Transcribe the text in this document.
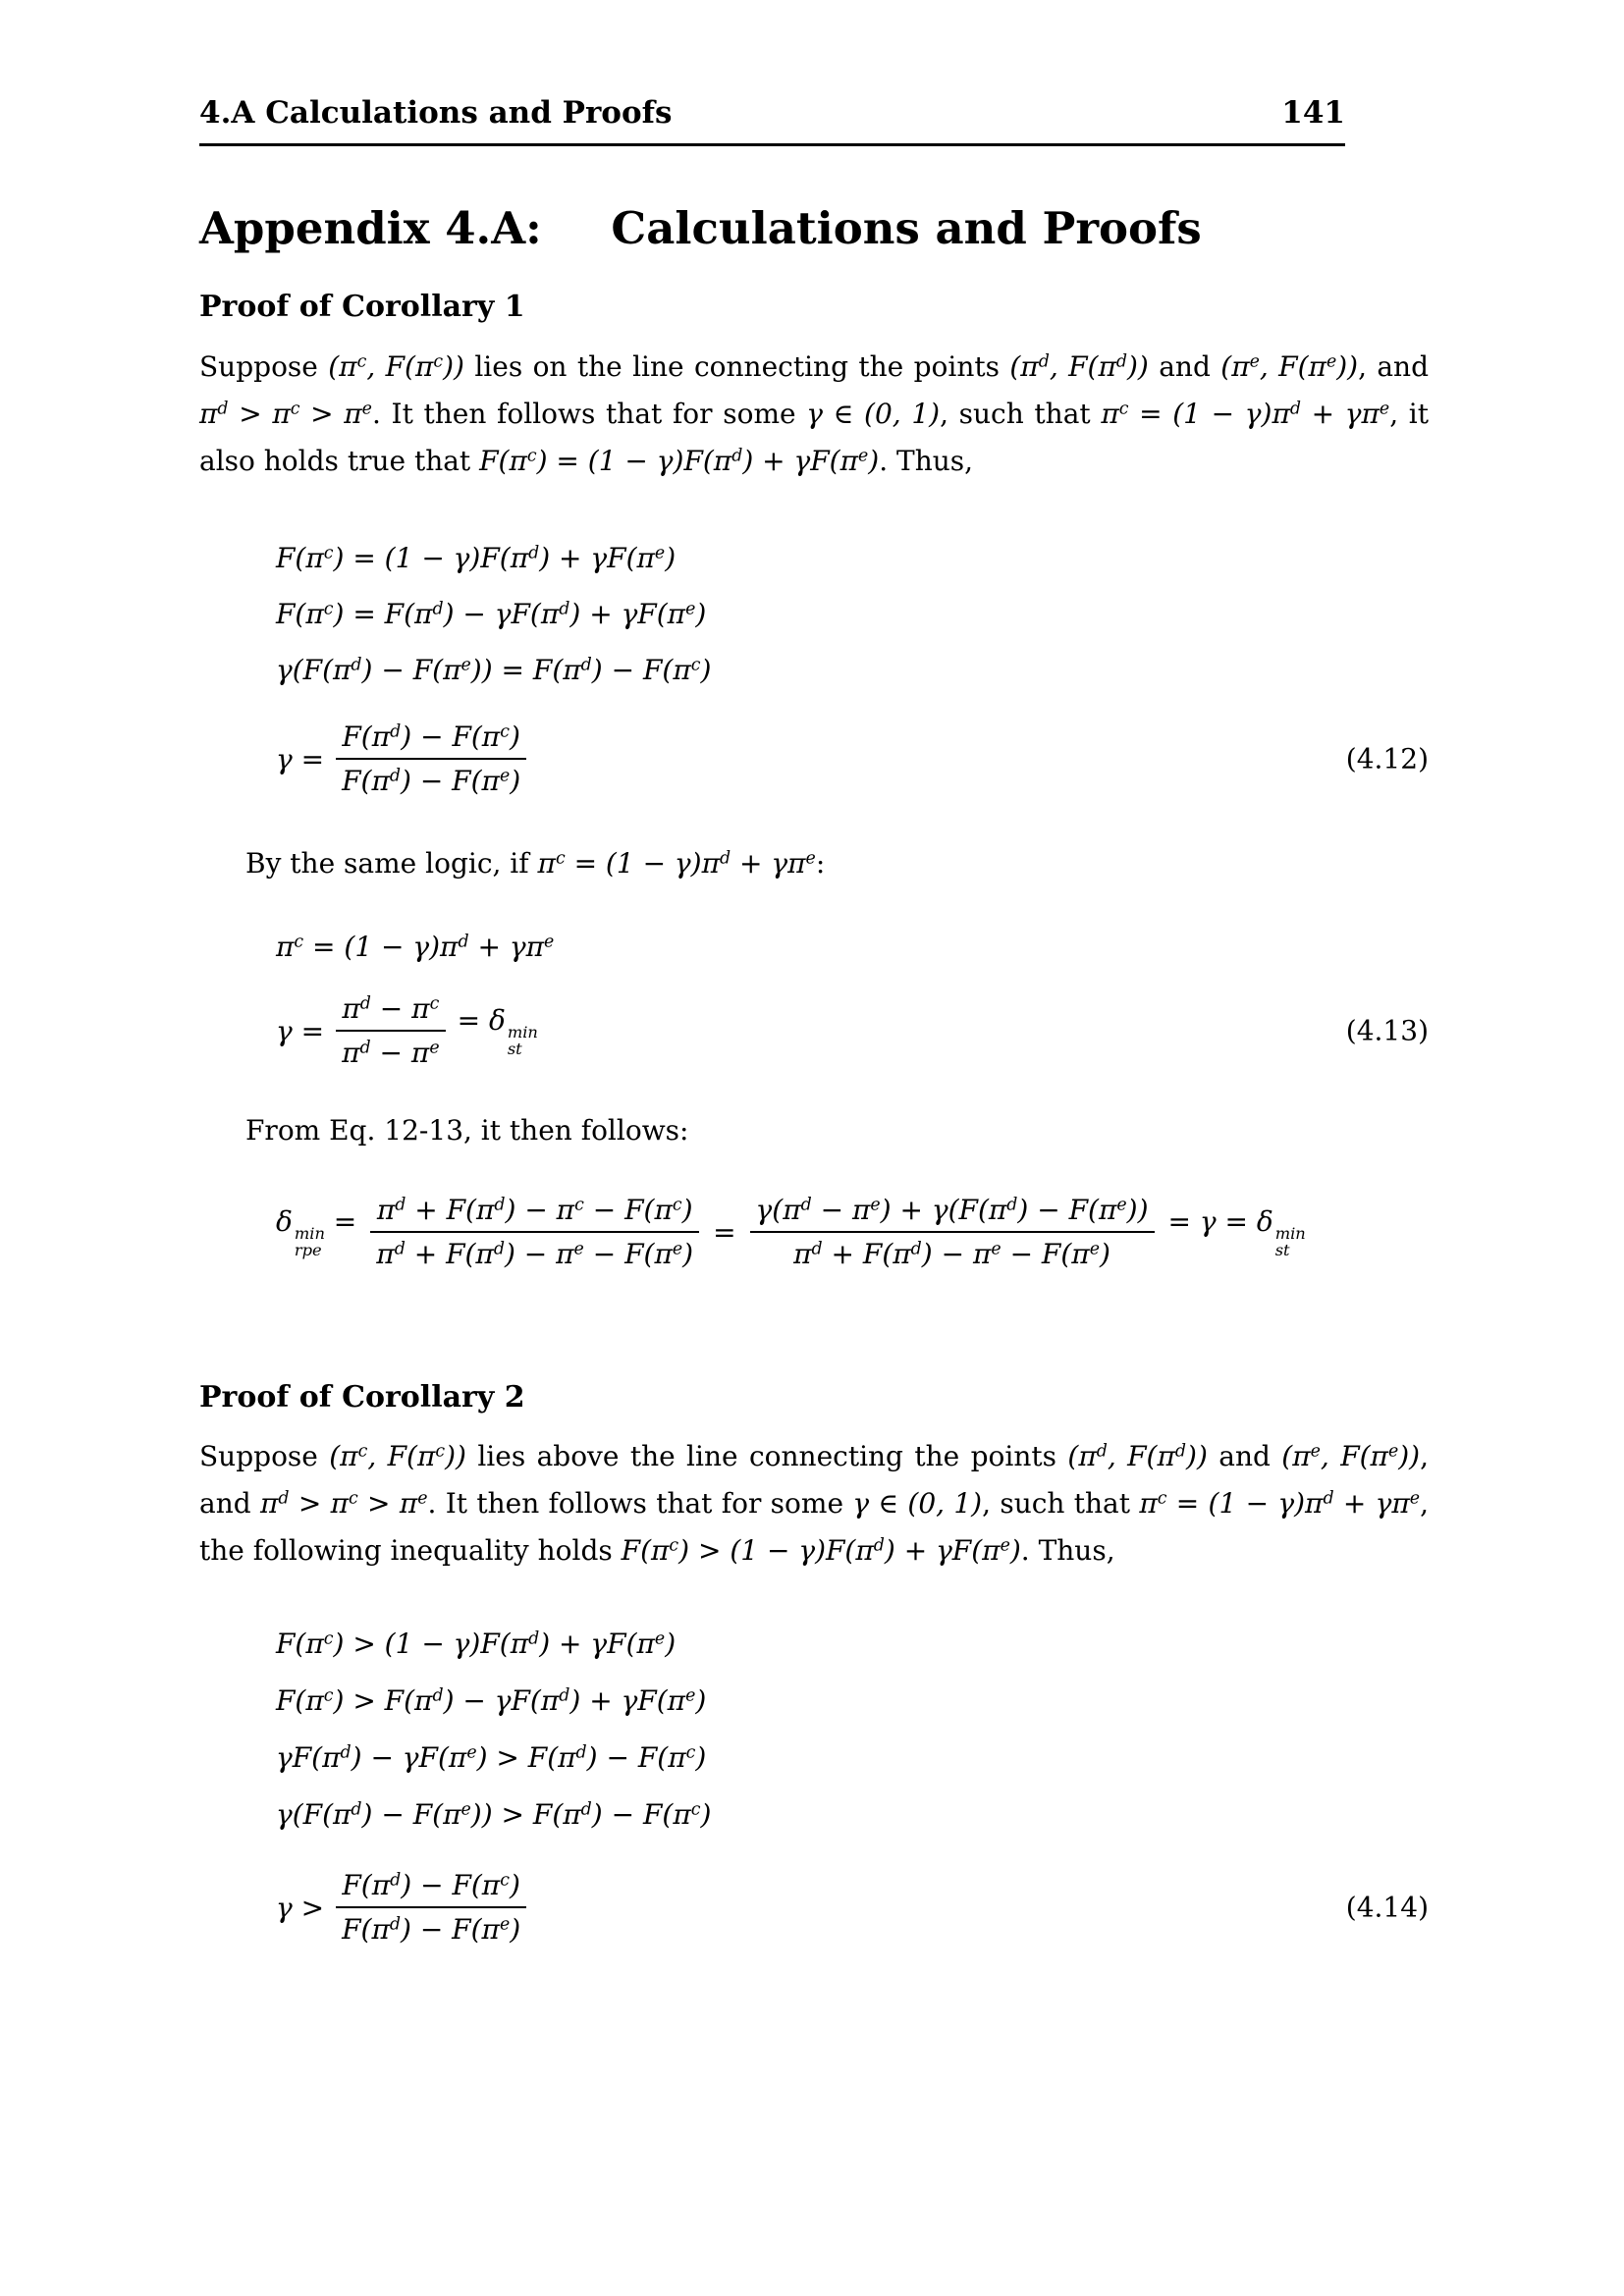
4.A Calculations and Proofs	141
Appendix 4.A: Calculations and Proofs
Proof of Corollary 1

Suppose ($\pi^c$, $F(\pi^c)$) lies on the line connecting the points ($\pi^d$, $F(\pi^d)$) and ($\pi^e$, $F(\pi^e)$), and $\pi^d > \pi^c > \pi^e$. It then follows that for some γ ∈ (0, 1), such that $\pi^c = (1 - \gamma)\pi^d + \gamma\pi^e$, it also holds true that $F(\pi^c) = (1 - \gamma)F(\pi^d) + \gamma F(\pi^e)$. Thus,

$F(\pi^c) = (1 - \gamma)F(\pi^d) + \gamma F(\pi^e)$
$F(\pi^c) = F(\pi^d) - \gamma F(\pi^d) + \gamma F(\pi^e)$
$\gamma(F(\pi^d) - F(\pi^e)) = F(\pi^d) - F(\pi^c)$
$\gamma = \frac{F(\pi^d) - F(\pi^c)}{F(\pi^d) - F(\pi^e)}$	(4.12)

By the same logic, if $\pi^c = (1 - \gamma)\pi^d + \gamma\pi^e$:

$\pi^c = (1 - \gamma)\pi^d + \gamma\pi^e$
$\gamma = \frac{\pi^d - \pi^c}{\pi^d - \pi^e} = \delta$ min
st
(4.13)

From Eq. 12-13, it then follows:

δ min
rpe
= $\frac{\pi^d + F(\pi^d) - \pi^c - F(\pi^c)}{\pi^d + F(\pi^d) - \pi^e - F(\pi^e)} = \frac{\gamma(\pi^d - \pi^e) + \gamma(F(\pi^d) - F(\pi^e))}{\pi^d + F(\pi^d) - \pi^e - F(\pi^e)} = \gamma = \delta$ min
st
Proof of Corollary 2

Suppose ($\pi^c$, $F(\pi^c)$) lies above the line connecting the points ($\pi^d$, $F(\pi^d)$) and ($\pi^e$, $F(\pi^e)$), and $\pi^d > \pi^c > \pi^e$. It then follows that for some γ ∈ (0, 1), such that $\pi^c = (1 - \gamma)\pi^d + \gamma\pi^e$, the following inequality holds $F(\pi^c) > (1 - \gamma)F(\pi^d) + \gamma F(\pi^e)$. Thus,

$F(\pi^c) > (1 - \gamma)F(\pi^d) + \gamma F(\pi^e)$
$F(\pi^c) > F(\pi^d) - \gamma F(\pi^d) + \gamma F(\pi^e)$
$\gamma F(\pi^d) - \gamma F(\pi^e) > F(\pi^d) - F(\pi^c)$
$\gamma(F(\pi^d) - F(\pi^e)) > F(\pi^d) - F(\pi^c)$
$\gamma > \frac{F(\pi^d) - F(\pi^c)}{F(\pi^d) - F(\pi^e)}$	(4.14)
